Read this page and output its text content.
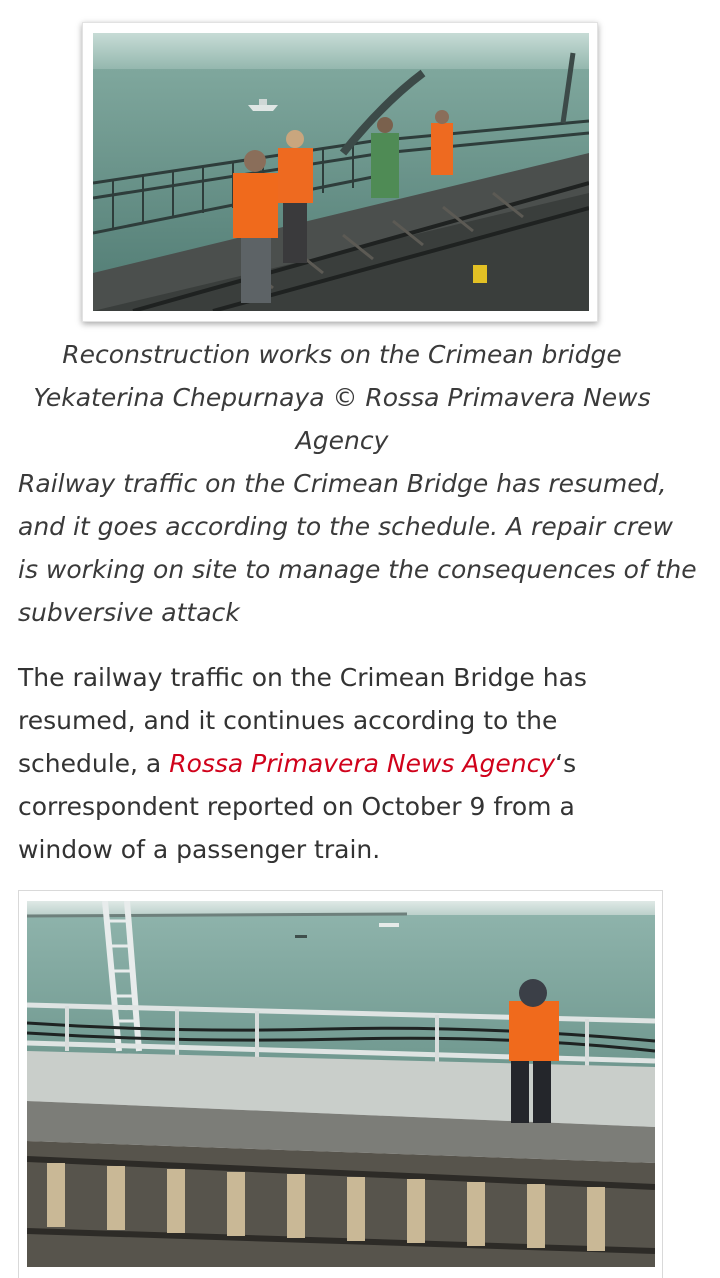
Reconstruction works on the Crimean bridge
Yekaterina Chepurnaya © Rossa Primavera News
Agency
Railway traffic on the Crimean Bridge has resumed, and it goes according to the schedule. A repair crew is working on site to manage the consequences of the subversive attack

The railway traffic on the Crimean Bridge has resumed, and it continues according to the schedule, a Rossa Primavera News Agency‘s correspondent reported on October 9 from a window of a passenger train.
